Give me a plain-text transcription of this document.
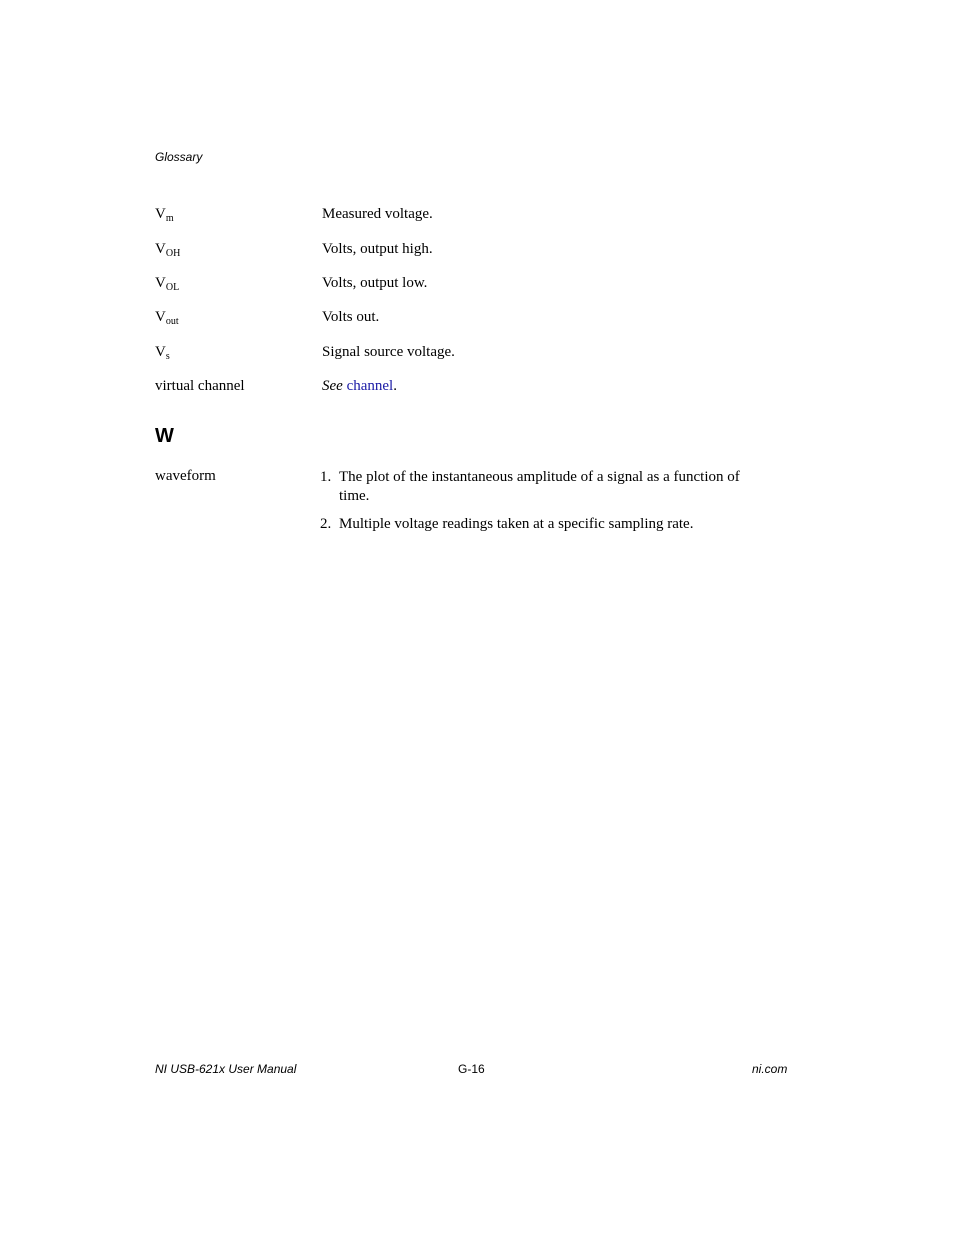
Glossary
$V_m$	Measured voltage.
$V_{OH}$	Volts, output high.
$V_{OL}$	Volts, output low.
$V_{out}$	Volts out.
$V_s$	Signal source voltage.
virtual channel	See channel.
W
waveform	1. The plot of the instantaneous amplitude of a signal as a function of time.
2. Multiple voltage readings taken at a specific sampling rate.
NI USB-621x User Manual	G-16	ni.com
